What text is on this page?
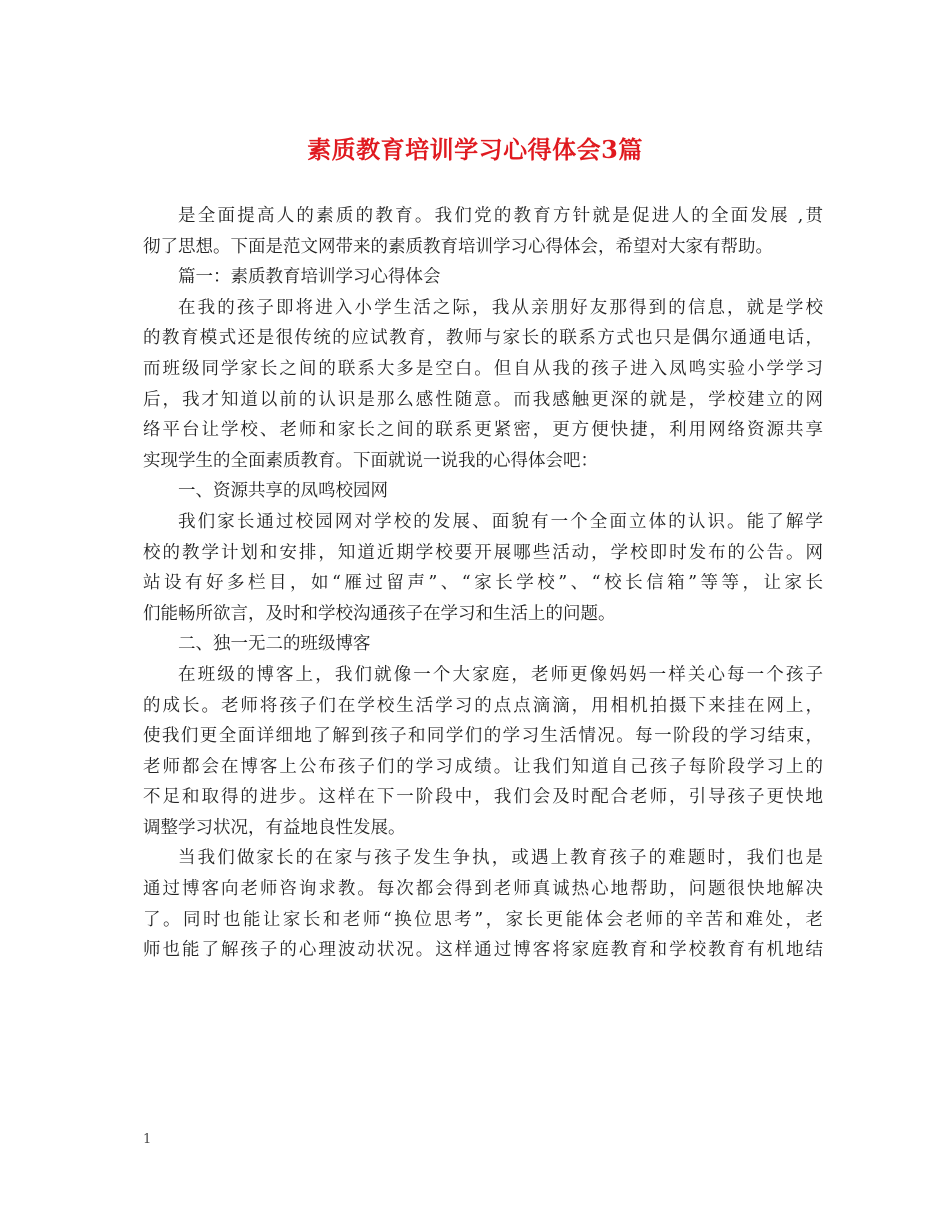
素质教育培训学习心得体会3篇
是全面提高人的素质的教育。我们党的教育方针就是促进人的全面发展 ,贯
彻了思想。下面是范文网带来的素质教育培训学习心得体会，希望对大家有帮助。
篇一：素质教育培训学习心得体会
在我的孩子即将进入小学生活之际，我从亲朋好友那得到的信息，就是学校
的教育模式还是很传统的应试教育，教师与家长的联系方式也只是偶尔通通电话，
而班级同学家长之间的联系大多是空白。但自从我的孩子进入凤鸣实验小学学习
后，我才知道以前的认识是那么感性随意。而我感触更深的就是，学校建立的网
络平台让学校、老师和家长之间的联系更紧密，更方便快捷，利用网络资源共享
实现学生的全面素质教育。下面就说一说我的心得体会吧：
一、资源共享的凤鸣校园网
我们家长通过校园网对学校的发展、面貌有一个全面立体的认识。能了解学
校的教学计划和安排，知道近期学校要开展哪些活动，学校即时发布的公告。网
站设有好多栏目，如“雁过留声”、“家长学校”、“校长信箱”等等，让家长
们能畅所欲言，及时和学校沟通孩子在学习和生活上的问题。
二、独一无二的班级博客
在班级的博客上，我们就像一个大家庭，老师更像妈妈一样关心每一个孩子
的成长。老师将孩子们在学校生活学习的点点滴滴，用相机拍摄下来挂在网上，
使我们更全面详细地了解到孩子和同学们的学习生活情况。每一阶段的学习结束，
老师都会在博客上公布孩子们的学习成绩。让我们知道自己孩子每阶段学习上的
不足和取得的进步。这样在下一阶段中，我们会及时配合老师，引导孩子更快地
调整学习状况，有益地良性发展。
当我们做家长的在家与孩子发生争执，或遇上教育孩子的难题时，我们也是
通过博客向老师咨询求教。每次都会得到老师真诚热心地帮助，问题很快地解决
了。同时也能让家长和老师“换位思考”，家长更能体会老师的辛苦和难处，老
师也能了解孩子的心理波动状况。这样通过博客将家庭教育和学校教育有机地结
1
